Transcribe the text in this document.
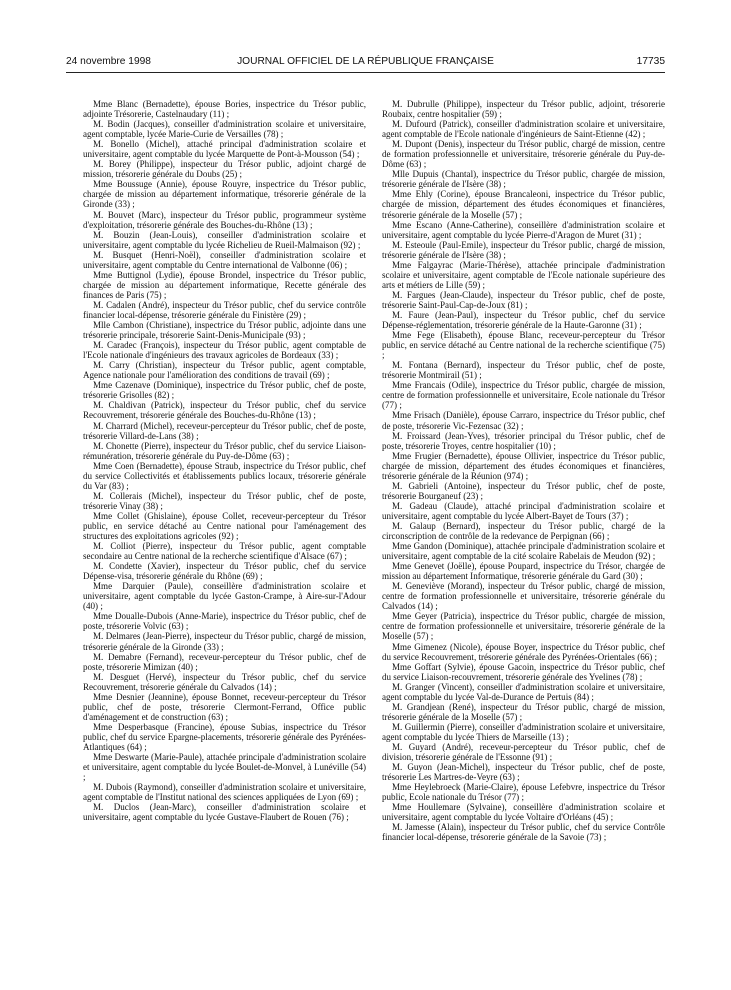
24 novembre 1998	JOURNAL OFFICIEL DE LA RÉPUBLIQUE FRANÇAISE	17735

Mme Blanc (Bernadette), épouse Bories, inspectrice du Trésor public, adjointe Trésorerie, Castelnaudary (11) ;

M. Bodin (Jacques), conseiller d'administration scolaire et universitaire, agent comptable, lycée Marie-Curie de Versailles (78) ;

M. Bonello (Michel), attaché principal d'administration scolaire et universitaire, agent comptable du lycée Marquette de Pont-à-Mousson (54) ;

M. Borey (Philippe), inspecteur du Trésor public, adjoint chargé de mission, trésorerie générale du Doubs (25) ;

Mme Boussuge (Annie), épouse Rouyre, inspectrice du Trésor public, chargée de mission au département informatique, trésorerie générale de la Gironde (33) ;

M. Bouvet (Marc), inspecteur du Trésor public, programmeur système d'exploitation, trésorerie générale des Bouches-du-Rhône (13) ;

M. Bouzin (Jean-Louis), conseiller d'administration scolaire et universitaire, agent comptable du lycée Richelieu de Rueil-Malmaison (92) ;

M. Busquet (Henri-Noël), conseiller d'administration scolaire et universitaire, agent comptable du Centre international de Valbonne (06) ;

Mme Buttignol (Lydie), épouse Brondel, inspectrice du Trésor public, chargée de mission au département informatique, Recette générale des finances de Paris (75) ;

M. Cadalen (André), inspecteur du Trésor public, chef du service contrôle financier local-dépense, trésorerie générale du Finistère (29) ;

Mlle Cambon (Christiane), inspectrice du Trésor public, adjointe dans une trésorerie principale, trésorerie Saint-Denis-Municipale (93) ;

M. Caradec (François), inspecteur du Trésor public, agent comptable de l'Ecole nationale d'ingénieurs des travaux agricoles de Bordeaux (33) ;

M. Carry (Christian), inspecteur du Trésor public, agent comptable, Agence nationale pour l'amélioration des conditions de travail (69) ;

Mme Cazenave (Dominique), inspectrice du Trésor public, chef de poste, trésorerie Grisolles (82) ;

M. Chaldivan (Patrick), inspecteur du Trésor public, chef du service Recouvrement, trésorerie générale des Bouches-du-Rhône (13) ;

M. Charrard (Michel), receveur-percepteur du Trésor public, chef de poste, trésorerie Villard-de-Lans (38) ;

M. Chonette (Pierre), inspecteur du Trésor public, chef du service Liaison-rémunération, trésorerie générale du Puy-de-Dôme (63) ;

Mme Coen (Bernadette), épouse Straub, inspectrice du Trésor public, chef du service Collectivités et établissements publics locaux, trésorerie générale du Var (83) ;

M. Collerais (Michel), inspecteur du Trésor public, chef de poste, trésorerie Vinay (38) ;

Mme Collet (Ghislaine), épouse Collet, receveur-percepteur du Trésor public, en service détaché au Centre national pour l'aménagement des structures des exploitations agricoles (92) ;

M. Colliot (Pierre), inspecteur du Trésor public, agent comptable secondaire au Centre national de la recherche scientifique d'Alsace (67) ;

M. Condette (Xavier), inspecteur du Trésor public, chef du service Dépense-visa, trésorerie générale du Rhône (69) ;

Mme Darquier (Paule), conseillère d'administration scolaire et universitaire, agent comptable du lycée Gaston-Crampe, à Aire-sur-l'Adour (40) ;

Mme Doualle-Dubois (Anne-Marie), inspectrice du Trésor public, chef de poste, trésorerie Volvic (63) ;

M. Delmares (Jean-Pierre), inspecteur du Trésor public, chargé de mission, trésorerie générale de la Gironde (33) ;

M. Demabre (Fernand), receveur-percepteur du Trésor public, chef de poste, trésorerie Mimizan (40) ;

M. Desguet (Hervé), inspecteur du Trésor public, chef du service Recouvrement, trésorerie générale du Calvados (14) ;

Mme Desnier (Jeannine), épouse Bonnet, receveur-percepteur du Trésor public, chef de poste, trésorerie Clermont-Ferrand, Office public d'aménagement et de construction (63) ;

Mme Desperbasque (Francine), épouse Subias, inspectrice du Trésor public, chef du service Epargne-placements, trésorerie générale des Pyrénées-Atlantiques (64) ;

Mme Deswarte (Marie-Paule), attachée principale d'administration scolaire et universitaire, agent comptable du lycée Boulet-de-Monvel, à Lunéville (54) ;

M. Dubois (Raymond), conseiller d'administration scolaire et universitaire, agent comptable de l'Institut national des sciences appliquées de Lyon (69) ;

M. Duclos (Jean-Marc), conseiller d'administration scolaire et universitaire, agent comptable du lycée Gustave-Flaubert de Rouen (76) ;

M. Dubrulle (Philippe), inspecteur du Trésor public, adjoint, trésorerie Roubaix, centre hospitalier (59) ;

M. Dufourd (Patrick), conseiller d'administration scolaire et universitaire, agent comptable de l'Ecole nationale d'ingénieurs de Saint-Etienne (42) ;

M. Dupont (Denis), inspecteur du Trésor public, chargé de mission, centre de formation professionnelle et universitaire, trésorerie générale du Puy-de-Dôme (63) ;

Mlle Dupuis (Chantal), inspectrice du Trésor public, chargée de mission, trésorerie générale de l'Isère (38) ;

Mme Ehly (Corine), épouse Brancaleoni, inspectrice du Trésor public, chargée de mission, département des études économiques et financières, trésorerie générale de la Moselle (57) ;

Mme Escano (Anne-Catherine), conseillère d'administration scolaire et universitaire, agent comptable du lycée Pierre-d'Aragon de Muret (31) ;

M. Esteoule (Paul-Emile), inspecteur du Trésor public, chargé de mission, trésorerie générale de l'Isère (38) ;

Mme Falgayrac (Marie-Thérèse), attachée principale d'administration scolaire et universitaire, agent comptable de l'Ecole nationale supérieure des arts et métiers de Lille (59) ;

M. Fargues (Jean-Claude), inspecteur du Trésor public, chef de poste, trésorerie Saint-Paul-Cap-de-Joux (81) ;

M. Faure (Jean-Paul), inspecteur du Trésor public, chef du service Dépense-réglementation, trésorerie générale de la Haute-Garonne (31) ;

Mme Fege (Elisabeth), épouse Blanc, receveur-percepteur du Trésor public, en service détaché au Centre national de la recherche scientifique (75) ;

M. Fontana (Bernard), inspecteur du Trésor public, chef de poste, trésorerie Montmirail (51) ;

Mme Francais (Odile), inspectrice du Trésor public, chargée de mission, centre de formation professionnelle et universitaire, Ecole nationale du Trésor (77) ;

Mme Frisach (Danièle), épouse Carraro, inspectrice du Trésor public, chef de poste, trésorerie Vic-Fezensac (32) ;

M. Froissard (Jean-Yves), trésorier principal du Trésor public, chef de poste, trésorerie Troyes, centre hospitalier (10) ;

Mme Frugier (Bernadette), épouse Ollivier, inspectrice du Trésor public, chargée de mission, département des études économiques et financières, trésorerie générale de la Réunion (974) ;

M. Gabrieli (Antoine), inspecteur du Trésor public, chef de poste, trésorerie Bourganeuf (23) ;

M. Gadeau (Claude), attaché principal d'administration scolaire et universitaire, agent comptable du lycée Albert-Bayet de Tours (37) ;

M. Galaup (Bernard), inspecteur du Trésor public, chargé de la circonscription de contrôle de la redevance de Perpignan (66) ;

Mme Gandon (Dominique), attachée principale d'administration scolaire et universitaire, agent comptable de la cité scolaire Rabelais de Meudon (92) ;

Mme Genevet (Joëlle), épouse Poupard, inspectrice du Trésor, chargée de mission au département Informatique, trésorerie générale du Gard (30) ;

M. Geneviève (Morand), inspecteur du Trésor public, chargé de mission, centre de formation professionnelle et universitaire, trésorerie générale du Calvados (14) ;

Mme Geyer (Patricia), inspectrice du Trésor public, chargée de mission, centre de formation professionnelle et universitaire, trésorerie générale de la Moselle (57) ;

Mme Gimenez (Nicole), épouse Boyer, inspectrice du Trésor public, chef du service Recouvrement, trésorerie générale des Pyrénées-Orientales (66) ;

Mme Goffart (Sylvie), épouse Gacoin, inspectrice du Trésor public, chef du service Liaison-recouvrement, trésorerie générale des Yvelines (78) ;

M. Granger (Vincent), conseiller d'administration scolaire et universitaire, agent comptable du lycée Val-de-Durance de Pertuis (84) ;

M. Grandjean (René), inspecteur du Trésor public, chargé de mission, trésorerie générale de la Moselle (57) ;

M. Guillermin (Pierre), conseiller d'administration scolaire et universitaire, agent comptable du lycée Thiers de Marseille (13) ;

M. Guyard (André), receveur-percepteur du Trésor public, chef de division, trésorerie générale de l'Essonne (91) ;

M. Guyon (Jean-Michel), inspecteur du Trésor public, chef de poste, trésorerie Les Martres-de-Veyre (63) ;

Mme Heylebroeck (Marie-Claire), épouse Lefebvre, inspectrice du Trésor public, Ecole nationale du Trésor (77) ;

Mme Houllemare (Sylvaine), conseillère d'administration scolaire et universitaire, agent comptable du lycée Voltaire d'Orléans (45) ;

M. Jamesse (Alain), inspecteur du Trésor public, chef du service Contrôle financier local-dépense, trésorerie générale de la Savoie (73) ;
